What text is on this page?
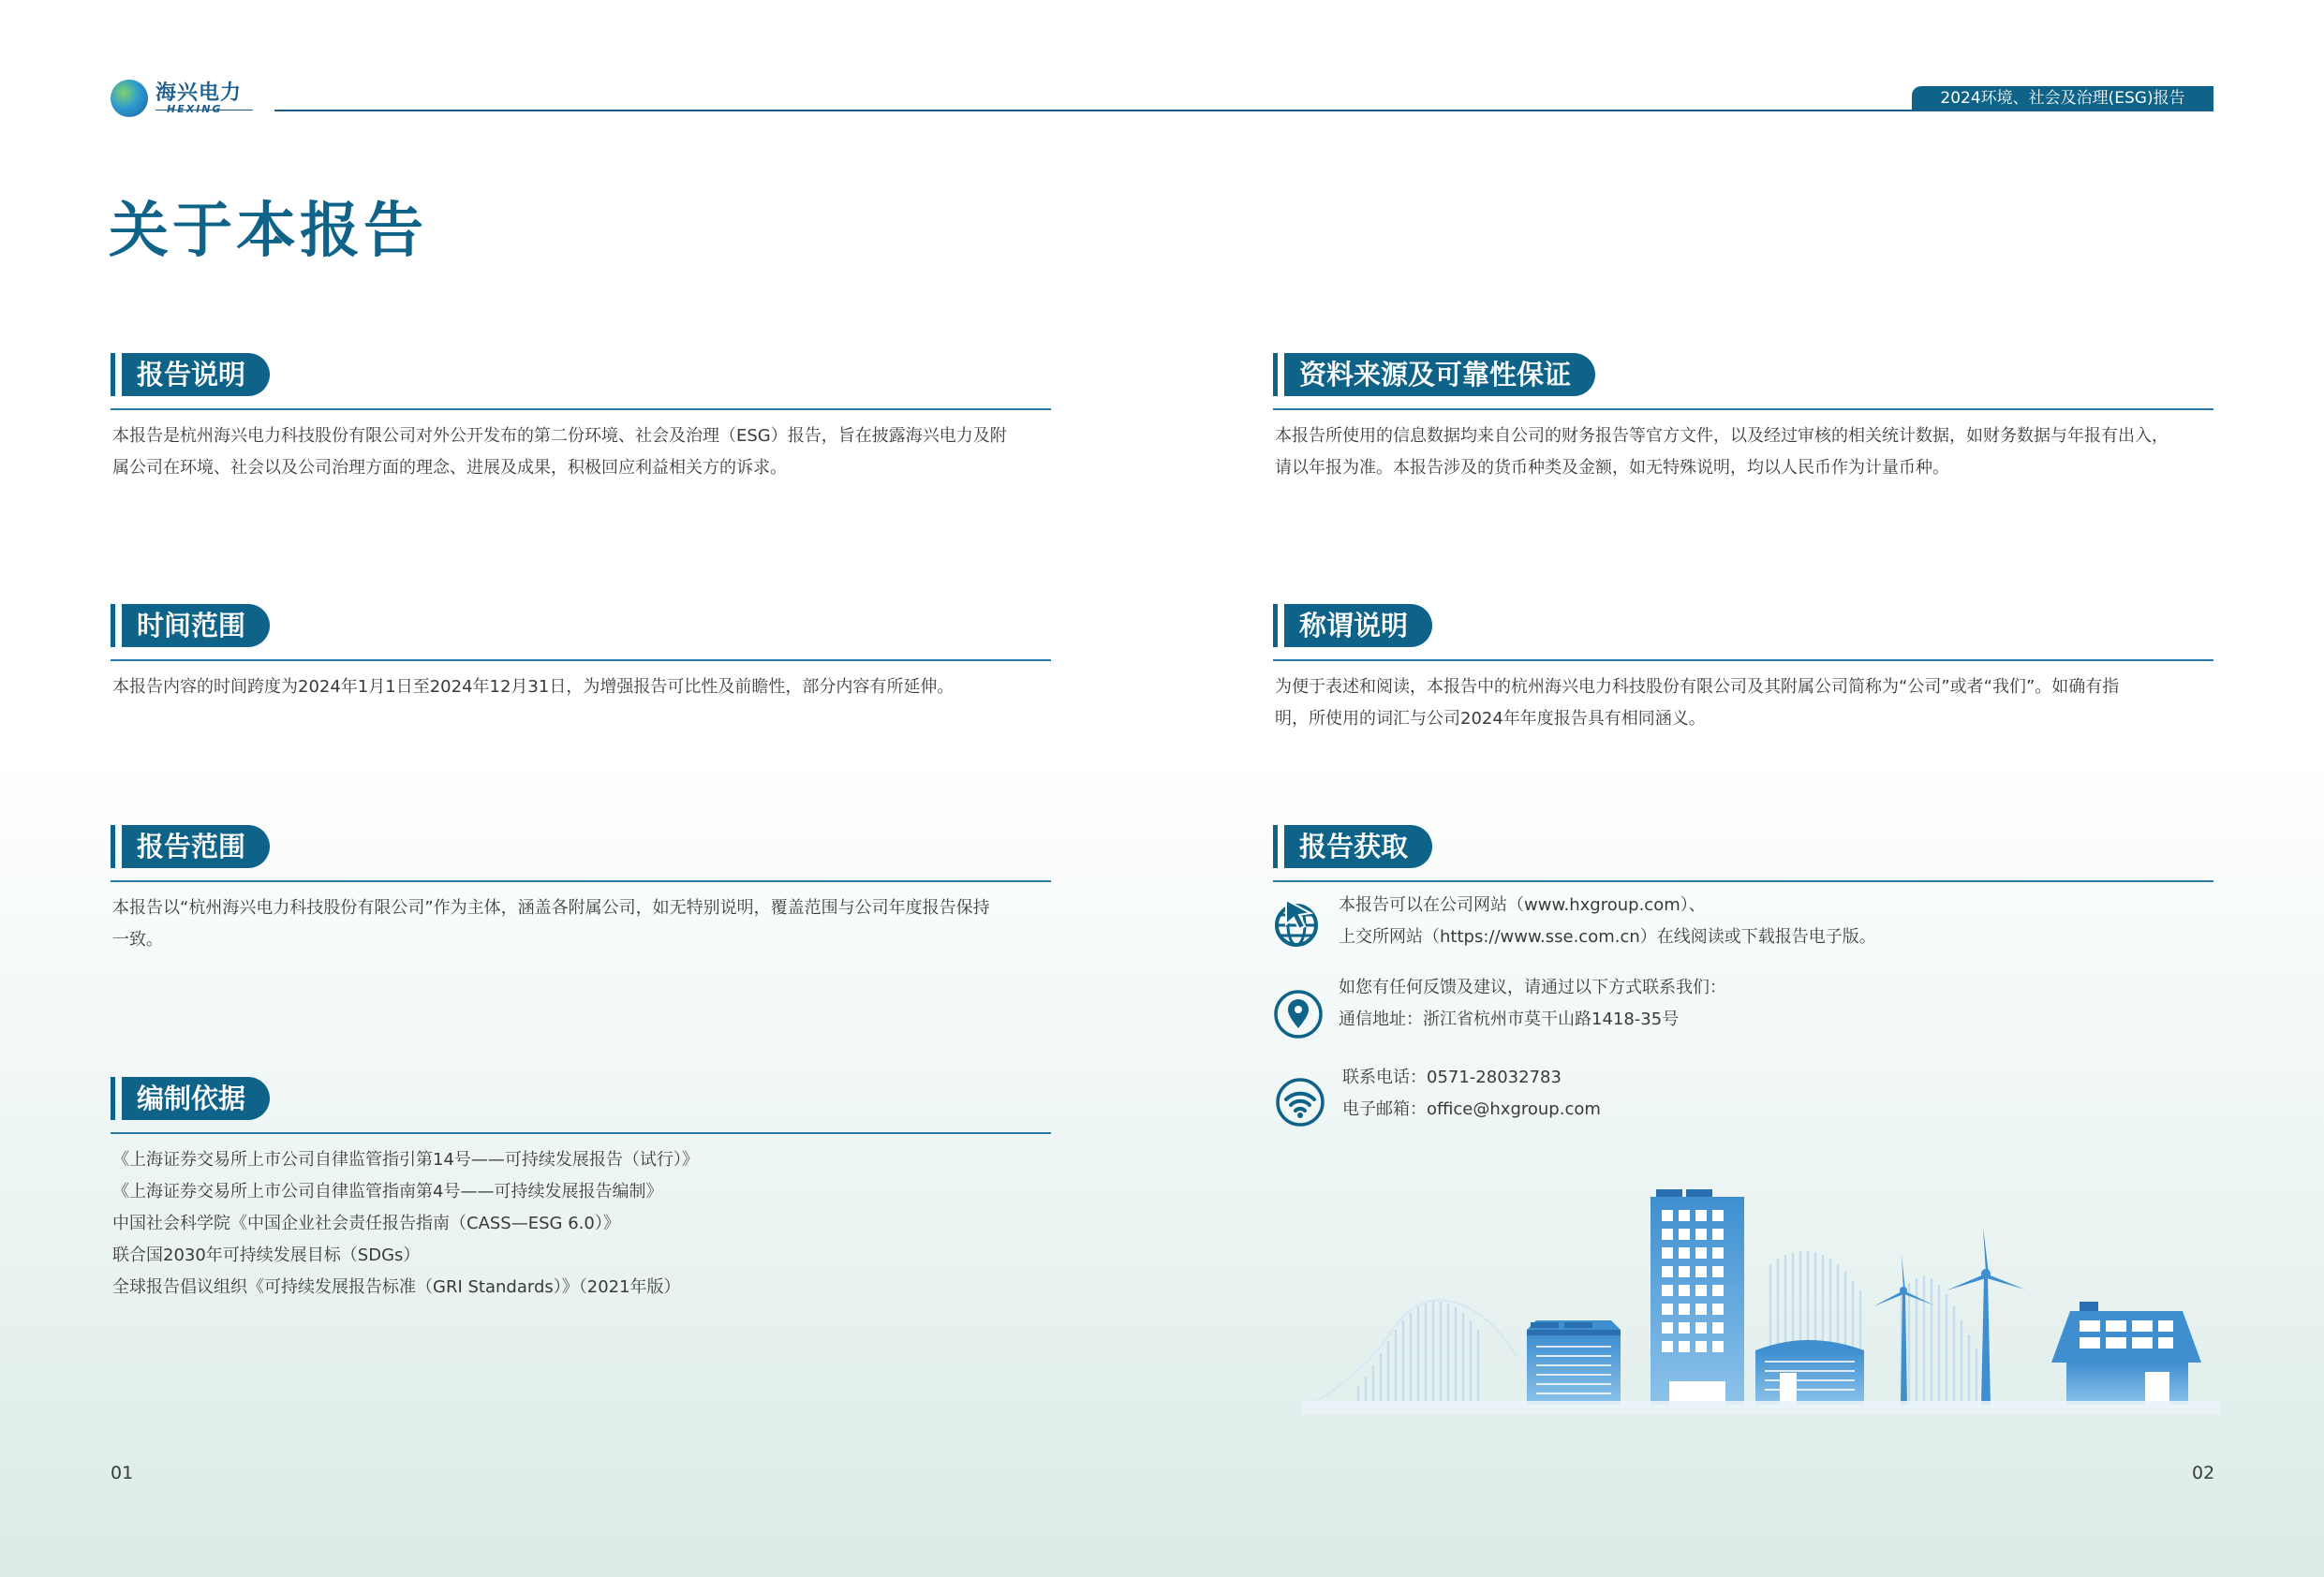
海兴电力
HEXING
2024环境、社会及治理(ESG)报告
关于本报告
报告说明
本报告是杭州海兴电力科技股份有限公司对外公开发布的第二份环境、社会及治理（ESG）报告，旨在披露海兴电力及附
属公司在环境、社会以及公司治理方面的理念、进展及成果，积极回应利益相关方的诉求。
时间范围
本报告内容的时间跨度为2024年1月1日至2024年12月31日，为增强报告可比性及前瞻性，部分内容有所延伸。
报告范围
本报告以“杭州海兴电力科技股份有限公司”作为主体，涵盖各附属公司，如无特别说明，覆盖范围与公司年度报告保持
一致。
编制依据
《上海证券交易所上市公司自律监管指引第14号——可持续发展报告（试行）》
《上海证券交易所上市公司自律监管指南第4号——可持续发展报告编制》
中国社会科学院《中国企业社会责任报告指南（CASS—ESG 6.0）》
联合国2030年可持续发展目标（SDGs）
全球报告倡议组织《可持续发展报告标准（GRI Standards）》（2021年版）
资料来源及可靠性保证
本报告所使用的信息数据均来自公司的财务报告等官方文件，以及经过审核的相关统计数据，如财务数据与年报有出入，
请以年报为准。本报告涉及的货币种类及金额，如无特殊说明，均以人民币作为计量币种。
称谓说明
为便于表述和阅读，本报告中的杭州海兴电力科技股份有限公司及其附属公司简称为“公司”或者“我们”。如确有指
明，所使用的词汇与公司2024年年度报告具有相同涵义。
报告获取
本报告可以在公司网站（www.hxgroup.com）、
上交所网站（https://www.sse.com.cn）在线阅读或下载报告电子版。
如您有任何反馈及建议，请通过以下方式联系我们：
通信地址：浙江省杭州市莫干山路1418-35号
联系电话：0571-28032783
电子邮箱：office@hxgroup.com
01	02
